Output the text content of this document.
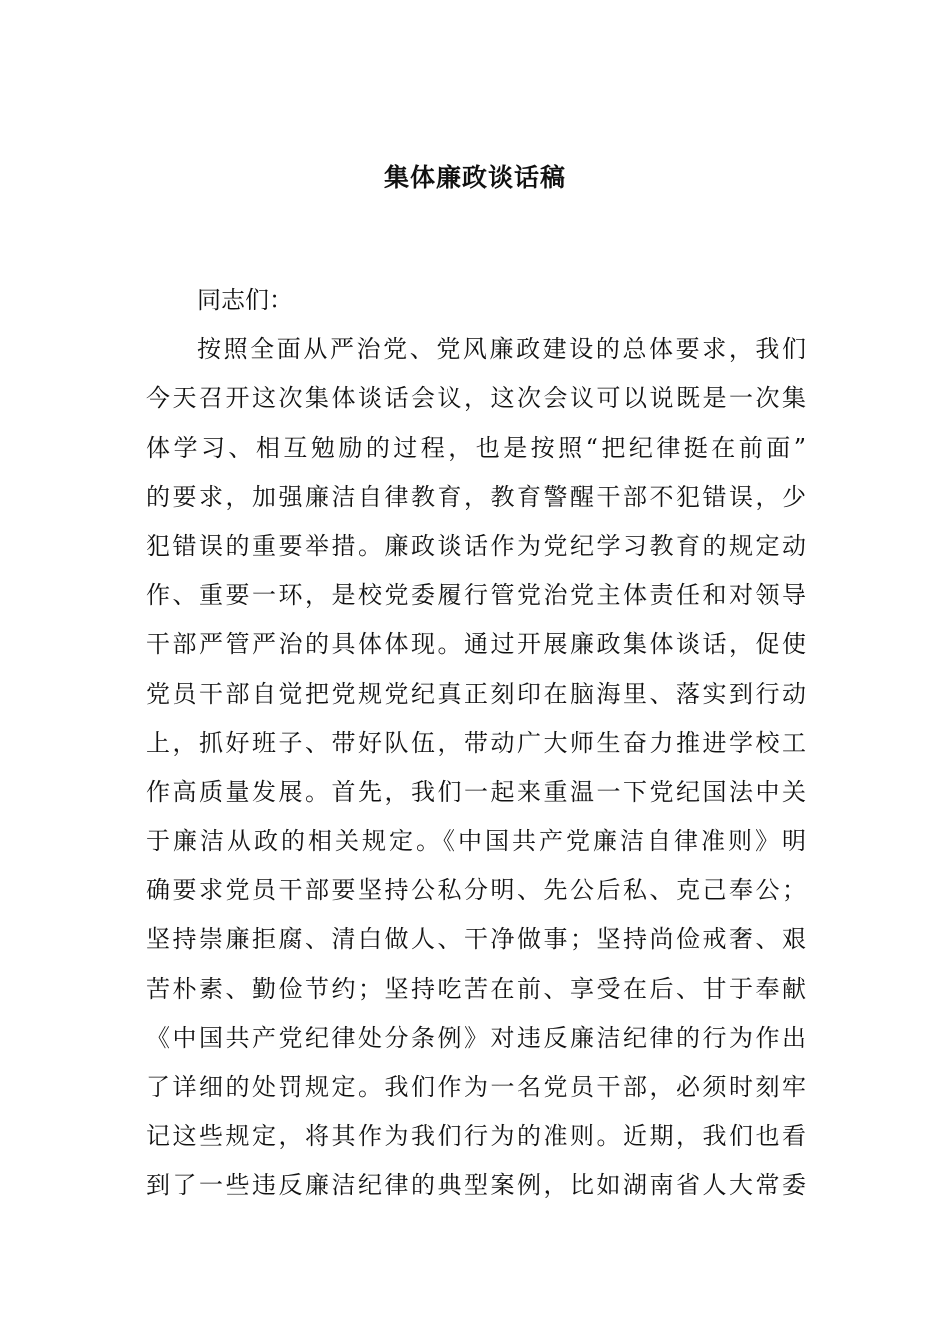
集体廉政谈话稿
同志们：
按照全面从严治党、党风廉政建设的总体要求，我们
今天召开这次集体谈话会议，这次会议可以说既是一次集
体学习、相互勉励的过程，也是按照“把纪律挺在前面”
的要求，加强廉洁自律教育，教育警醒干部不犯错误，少
犯错误的重要举措。廉政谈话作为党纪学习教育的规定动
作、重要一环，是校党委履行管党治党主体责任和对领导
干部严管严治的具体体现。通过开展廉政集体谈话，促使
党员干部自觉把党规党纪真正刻印在脑海里、落实到行动
上，抓好班子、带好队伍，带动广大师生奋力推进学校工
作高质量发展。首先，我们一起来重温一下党纪国法中关
于廉洁从政的相关规定。《中国共产党廉洁自律准则》明
确要求党员干部要坚持公私分明、先公后私、克己奉公；
坚持崇廉拒腐、清白做人、干净做事；坚持尚俭戒奢、艰
苦朴素、勤俭节约；坚持吃苦在前、享受在后、甘于奉献
《中国共产党纪律处分条例》对违反廉洁纪律的行为作出
了详细的处罚规定。我们作为一名党员干部，必须时刻牢
记这些规定，将其作为我们行为的准则。近期，我们也看
到了一些违反廉洁纪律的典型案例，比如湖南省人大常委
